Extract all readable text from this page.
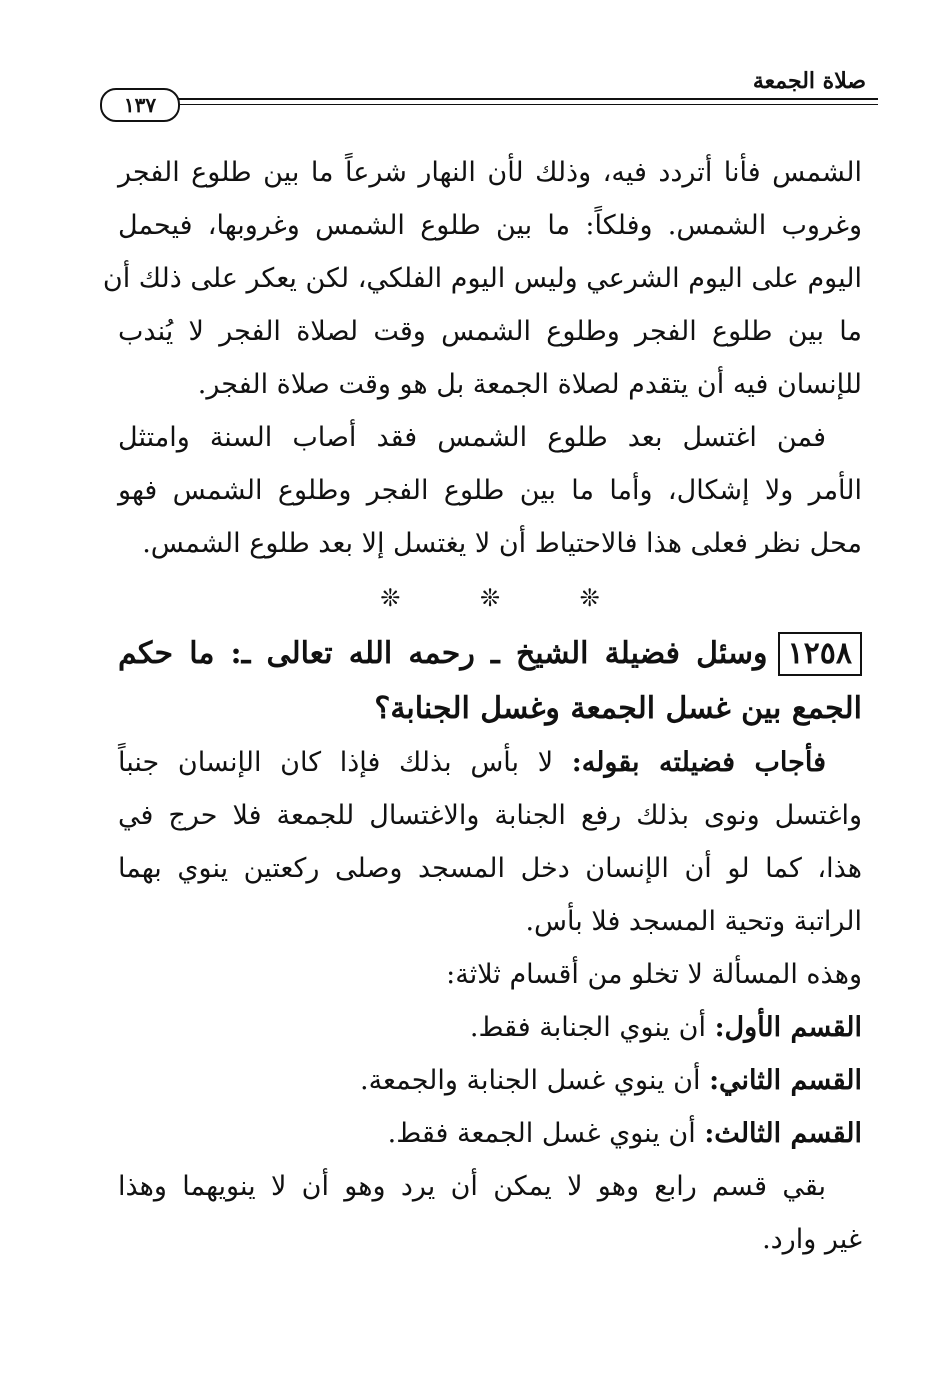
صلاة الجمعة
١٣٧
الشمس فأنا أتردد فيه، وذلك لأن النهار شرعاً ما بين طلوع الفجر
وغروب الشمس. وفلكاً: ما بين طلوع الشمس وغروبها، فيحمل
اليوم على اليوم الشرعي وليس اليوم الفلكي، لكن يعكر على ذلك أن
ما بين طلوع الفجر وطلوع الشمس وقت لصلاة الفجر لا يُندب
للإنسان فيه أن يتقدم لصلاة الجمعة بل هو وقت صلاة الفجر.
فمن اغتسل بعد طلوع الشمس فقد أصاب السنة وامتثل
الأمر ولا إشكال، وأما ما بين طلوع الفجر وطلوع الشمس فهو
محل نظر فعلى هذا فالاحتياط أن لا يغتسل إلا بعد طلوع الشمس.
❊ ❊ ❊
١٢٥٨وسئل فضيلة الشيخ ـ رحمه الله تعالى ـ: ما حكم
الجمع بين غسل الجمعة وغسل الجنابة؟
فأجاب فضيلته بقوله: لا بأس بذلك فإذا كان الإنسان جنباً
واغتسل ونوى بذلك رفع الجنابة والاغتسال للجمعة فلا حرج في
هذا، كما لو أن الإنسان دخل المسجد وصلى ركعتين ينوي بهما
الراتبة وتحية المسجد فلا بأس.
وهذه المسألة لا تخلو من أقسام ثلاثة:
القسم الأول: أن ينوي الجنابة فقط.
القسم الثاني: أن ينوي غسل الجنابة والجمعة.
القسم الثالث: أن ينوي غسل الجمعة فقط.
بقي قسم رابع وهو لا يمكن أن يرد وهو أن لا ينويهما وهذا
غير وارد.
